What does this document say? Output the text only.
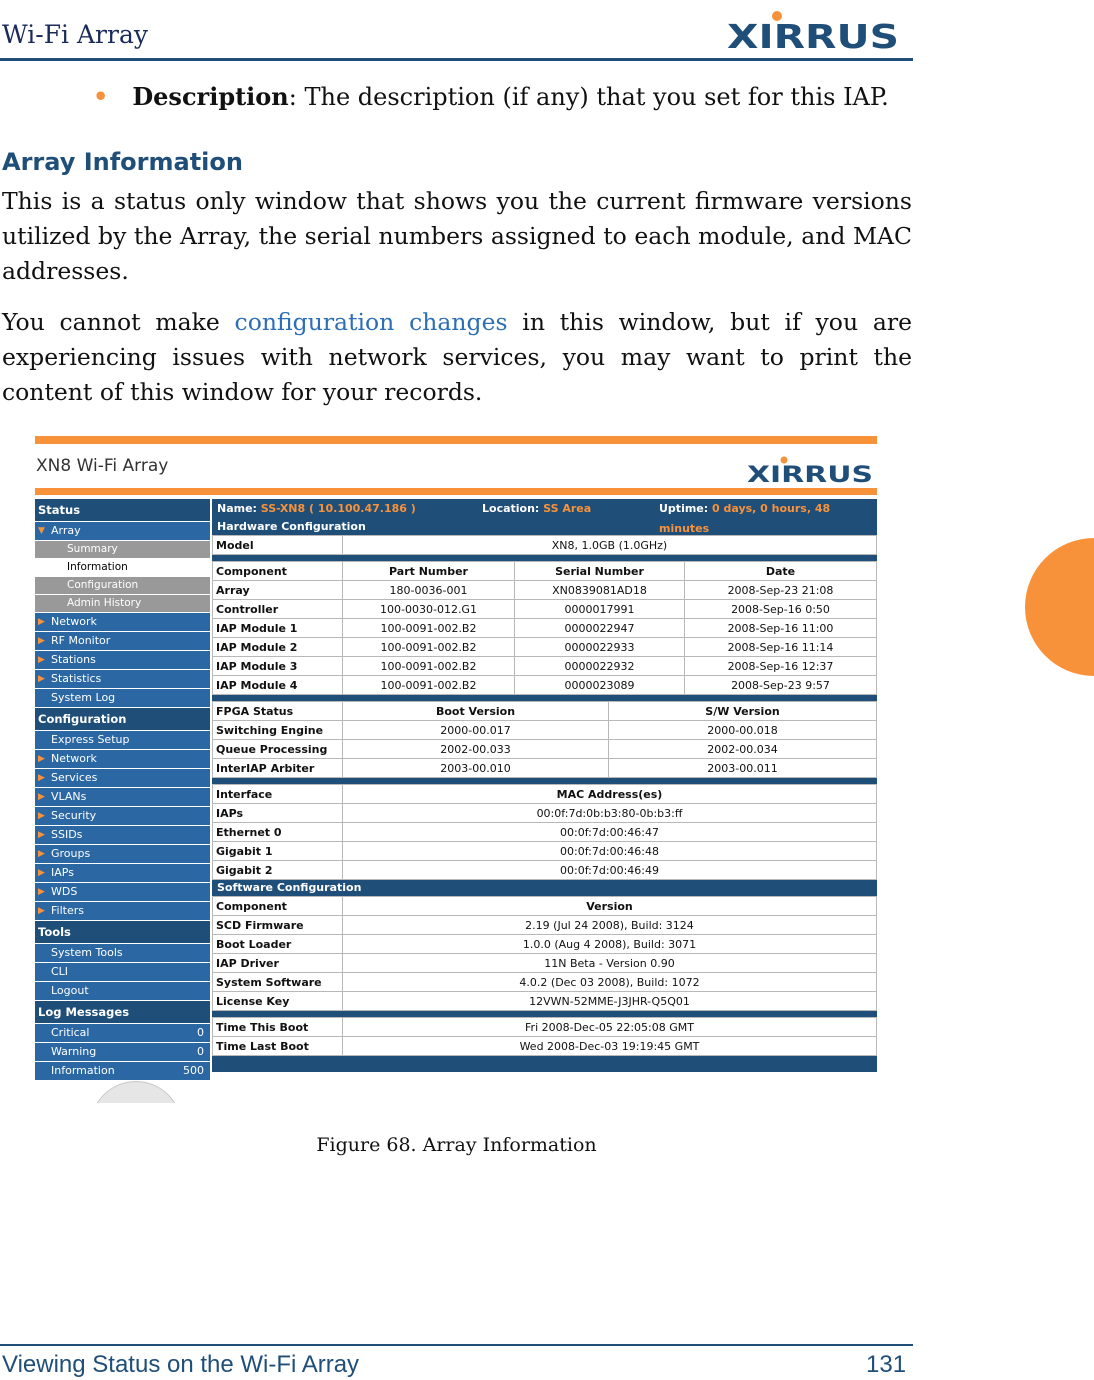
Wi-Fi Array	XIRRUS
• Description: The description (if any) that you set for this IAP.
Array Information
This is a status only window that shows you the current firmware versions utilized by the Array, the serial numbers assigned to each module, and MAC addresses.
You cannot make configuration changes in this window, but if you are experiencing issues with network services, you may want to print the content of this window for your records.
XN8 Wi-Fi Array	XIRRUS
Status
▼ Array
Summary
Information
Configuration
Admin History
▶ Network
▶ RF Monitor
▶ Stations
▶ Statistics
System Log
Configuration
Express Setup
▶ Network
▶ Services
▶ VLANs
▶ Security
▶ SSIDs
▶ Groups
▶ IAPs
▶ WDS
▶ Filters
Tools
System Tools
CLI
Logout
Log Messages
Critical	0
Warning	0
Information	500
Name: SS-XN8 ( 10.100.47.186 )	Location: SS Area	Uptime: 0 days, 0 hours, 48 minutes
Hardware Configuration
Model	XN8, 1.0GB (1.0GHz)
Component	Part Number	Serial Number	Date
Array	180-0036-001	XN0839081AD18	2008-Sep-23 21:08
Controller	100-0030-012.G1	0000017991	2008-Sep-16 0:50
IAP Module 1	100-0091-002.B2	0000022947	2008-Sep-16 11:00
IAP Module 2	100-0091-002.B2	0000022933	2008-Sep-16 11:14
IAP Module 3	100-0091-002.B2	0000022932	2008-Sep-16 12:37
IAP Module 4	100-0091-002.B2	0000023089	2008-Sep-23 9:57
FPGA Status	Boot Version	S/W Version
Switching Engine	2000-00.017	2000-00.018
Queue Processing	2002-00.033	2002-00.034
InterIAP Arbiter	2003-00.010	2003-00.011
Interface	MAC Address(es)
IAPs	00:0f:7d:0b:b3:80-0b:b3:ff
Ethernet 0	00:0f:7d:00:46:47
Gigabit 1	00:0f:7d:00:46:48
Gigabit 2	00:0f:7d:00:46:49
Software Configuration
Component	Version
SCD Firmware	2.19 (Jul 24 2008), Build: 3124
Boot Loader	1.0.0 (Aug 4 2008), Build: 3071
IAP Driver	11N Beta - Version 0.90
System Software	4.0.2 (Dec 03 2008), Build: 1072
License Key	12VWN-52MME-J3JHR-Q5Q01
Time This Boot	Fri 2008-Dec-05 22:05:08 GMT
Time Last Boot	Wed 2008-Dec-03 19:19:45 GMT
Figure 68. Array Information
Viewing Status on the Wi-Fi Array	131
